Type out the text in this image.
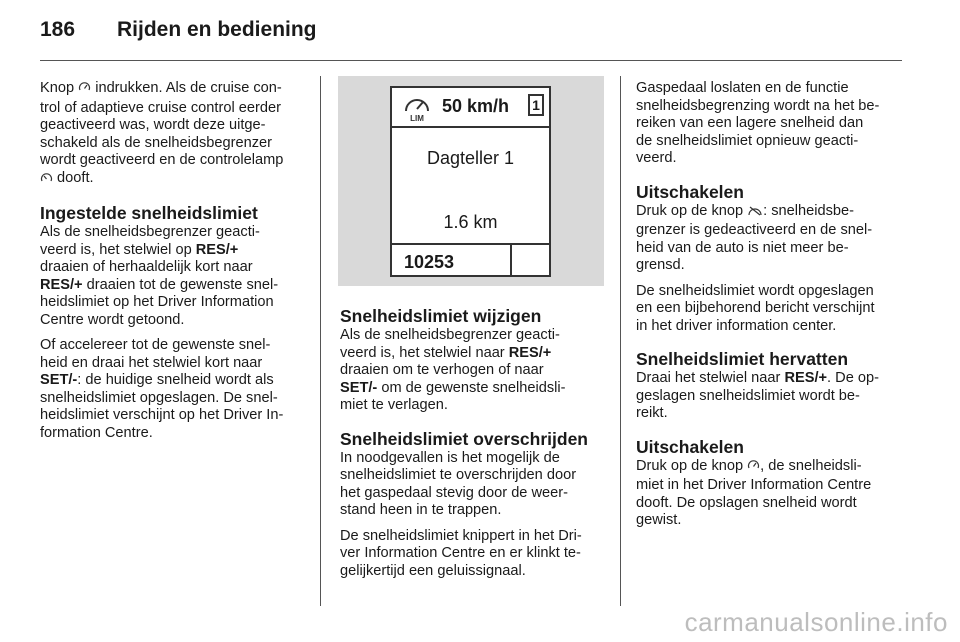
186 Rijden en bediening

Knop  indrukken. Als de cruise con-
trol of adaptieve cruise control eerder
geactiveerd was, wordt deze uitge-
schakeld als de snelheidsbegrenzer
wordt geactiveerd en de controlelamp
dooft.

Ingestelde snelheidslimiet

Als de snelheidsbegrenzer geacti-
veerd is, het stelwiel op RES/+
draaien of herhaaldelijk kort naar
RES/+ draaien tot de gewenste snel-
heidslimiet op het Driver Information
Centre wordt getoond.

Of accelereer tot de gewenste snel-
heid en draai het stelwiel kort naar
SET/-: de huidige snelheid wordt als
snelheidslimiet opgeslagen. De snel-
heidslimiet verschijnt op het Driver In-
formation Centre.

LIM
50 km/h 1
Dagteller 1
1.6 km
10253
Snelheidslimiet wijzigen

Als de snelheidsbegrenzer geacti-
veerd is, het stelwiel naar RES/+
draaien om te verhogen of naar
SET/- om de gewenste snelheidsli-
miet te verlagen.

Snelheidslimiet overschrijden

In noodgevallen is het mogelijk de
snelheidslimiet te overschrijden door
het gaspedaal stevig door de weer-
stand heen in te trappen.

De snelheidslimiet knippert in het Dri-
ver Information Centre en er klinkt te-
gelijkertijd een geluissignaal.

Gaspedaal loslaten en de functie
snelheidsbegrenzing wordt na het be-
reiken van een lagere snelheid dan
de snelheidslimiet opnieuw geacti-
veerd.

Uitschakelen

Druk op de knop : snelheidsbe-
grenzer is gedeactiveerd en de snel-
heid van de auto is niet meer be-
grensd.

De snelheidslimiet wordt opgeslagen
en een bijbehorend bericht verschijnt
in het driver information center.

Snelheidslimiet hervatten

Draai het stelwiel naar RES/+. De op-
geslagen snelheidslimiet wordt be-
reikt.

Uitschakelen

Druk op de knop , de snelheidsli-
miet in het Driver Information Centre
dooft. De opslagen snelheid wordt
gewist.

carmanualsonline.info
